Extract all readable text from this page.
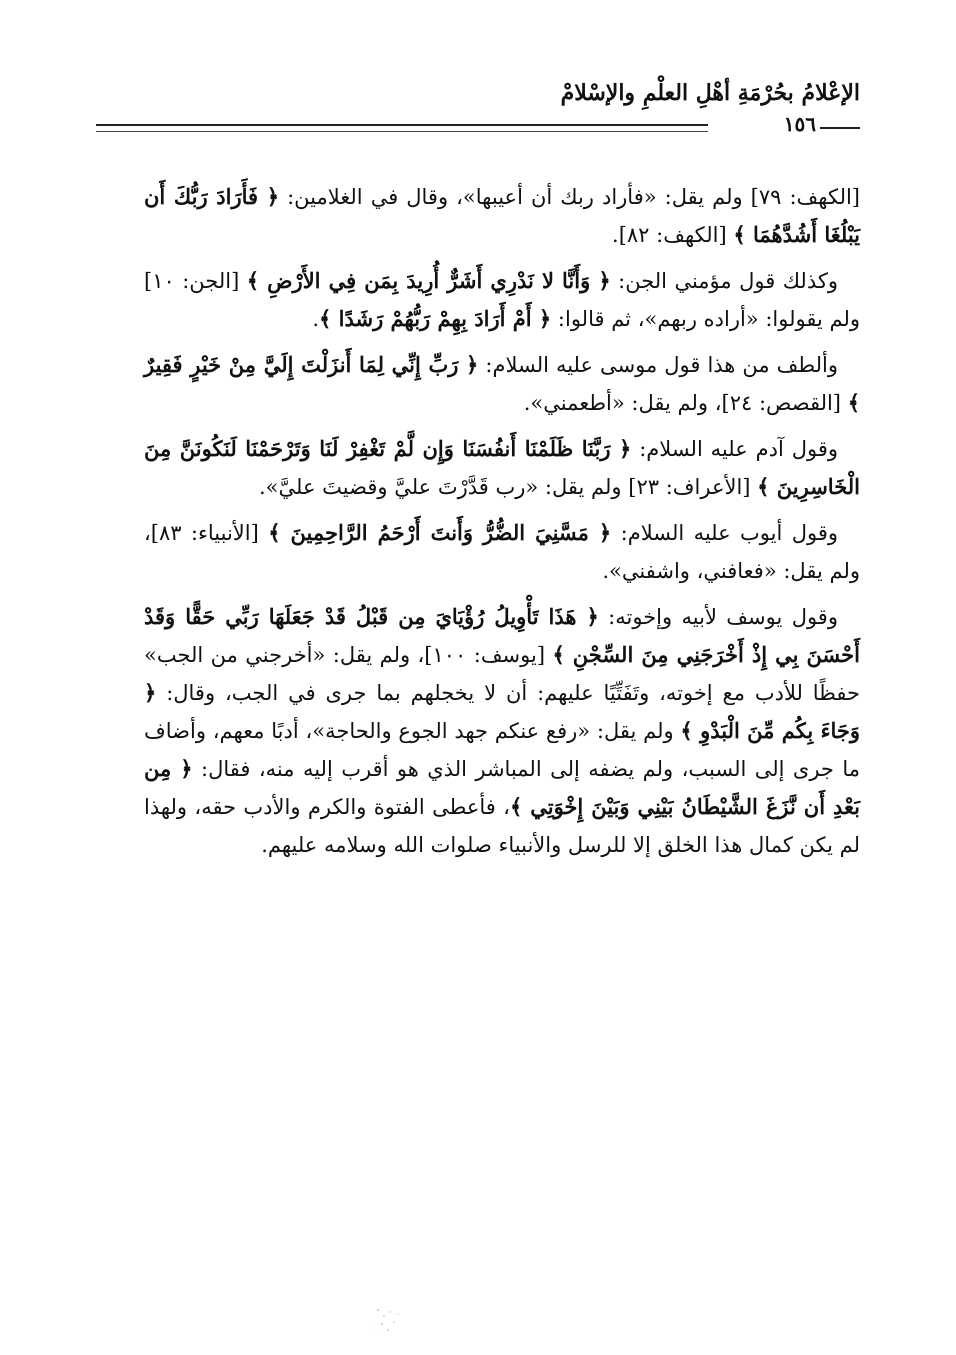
الإعْلامُ بحُرْمَةِ أهْلِ العلْمِ والإسْلامْ
١٥٦

[الكهف: ٧٩] ولم يقل: «فأراد ربك أن أعيبها»، وقال في الغلامين: ﴿ فَأَرَادَ رَبُّكَ أَن يَبْلُغَا أَشُدَّهُمَا ﴾ [الكهف: ٨٢].

وكذلك قول مؤمني الجن: ﴿ وَأَنَّا لا نَدْرِي أَشَرٌّ أُرِيدَ بِمَن فِي الأَرْضِ ﴾ [الجن: ١٠] ولم يقولوا: «أراده ربهم»، ثم قالوا: ﴿ أَمْ أَرَادَ بِهِمْ رَبُّهُمْ رَشَدًا ﴾.

وألطف من هذا قول موسى عليه السلام: ﴿ رَبِّ إِنِّي لِمَا أَنزَلْتَ إِلَيَّ مِنْ خَيْرٍ فَقِيرٌ ﴾ [القصص: ٢٤]، ولم يقل: «أطعمني».

وقول آدم عليه السلام: ﴿ رَبَّنَا ظَلَمْنَا أَنفُسَنَا وَإِن لَّمْ تَغْفِرْ لَنَا وَتَرْحَمْنَا لَنَكُونَنَّ مِنَ الْخَاسِرِينَ ﴾ [الأعراف: ٢٣] ولم يقل: «رب قَدَّرْتَ عليَّ وقضيتَ عليَّ».

وقول أيوب عليه السلام: ﴿ مَسَّنِيَ الضُّرُّ وَأَنتَ أَرْحَمُ الرَّاحِمِينَ ﴾ [الأنبياء: ٨٣]، ولم يقل: «فعافني، واشفني».

وقول يوسف لأبيه وإخوته: ﴿ هَذَا تَأْوِيلُ رُؤْيَايَ مِن قَبْلُ قَدْ جَعَلَهَا رَبِّي حَقًّا وَقَدْ أَحْسَنَ بِي إِذْ أَخْرَجَنِي مِنَ السِّجْنِ ﴾ [يوسف: ١٠٠]، ولم يقل: «أخرجني من الجب» حفظًا للأدب مع إخوته، وتَفَتِّيًا عليهم: أن لا يخجلهم بما جرى في الجب، وقال: ﴿ وَجَاءَ بِكُم مِّنَ الْبَدْوِ ﴾ ولم يقل: «رفع عنكم جهد الجوع والحاجة»، أدبًا معهم، وأضاف ما جرى إلى السبب، ولم يضفه إلى المباشر الذي هو أقرب إليه منه، فقال: ﴿ مِن بَعْدِ أَن نَّزَغَ الشَّيْطَانُ بَيْنِي وَبَيْنَ إِخْوَتِي ﴾، فأعطى الفتوة والكرم والأدب حقه، ولهذا لم يكن كمال هذا الخلق إلا للرسل والأنبياء صلوات الله وسلامه عليهم.
